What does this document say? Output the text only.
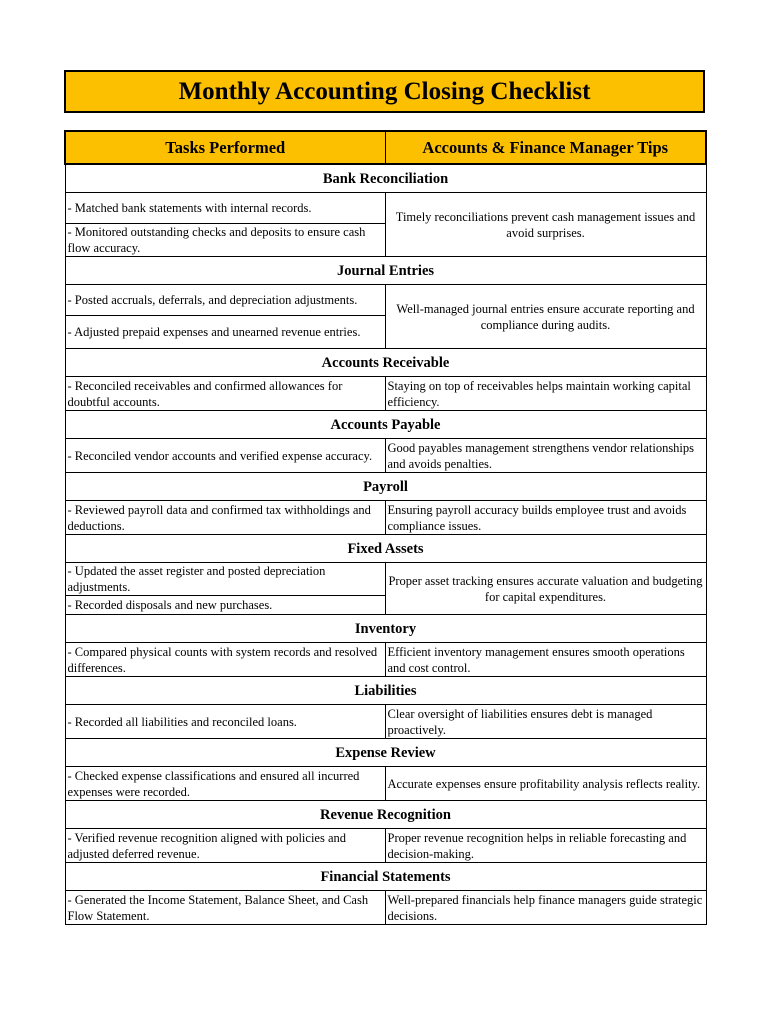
Monthly Accounting Closing Checklist
Tasks Performed	Accounts & Finance Manager Tips
Bank Reconciliation	
- Matched bank statements with internal records.	Timely reconciliations prevent cash management issues and avoid surprises.
- Monitored outstanding checks and deposits to ensure cash flow accuracy.	
Journal Entries	
- Posted accruals, deferrals, and depreciation adjustments.	Well-managed journal entries ensure accurate reporting and compliance during audits.
- Adjusted prepaid expenses and unearned revenue entries.	
Accounts Receivable	
- Reconciled receivables and confirmed allowances for doubtful accounts.	Staying on top of receivables helps maintain working capital efficiency.
Accounts Payable	
- Reconciled vendor accounts and verified expense accuracy.	Good payables management strengthens vendor relationships and avoids penalties.
Payroll	
- Reviewed payroll data and confirmed tax withholdings and deductions.	Ensuring payroll accuracy builds employee trust and avoids compliance issues.
Fixed Assets	
- Updated the asset register and posted depreciation adjustments.	Proper asset tracking ensures accurate valuation and budgeting for capital expenditures.
- Recorded disposals and new purchases.	
Inventory	
- Compared physical counts with system records and resolved differences.	Efficient inventory management ensures smooth operations and cost control.
Liabilities	
- Recorded all liabilities and reconciled loans.	Clear oversight of liabilities ensures debt is managed proactively.
Expense Review	
- Checked expense classifications and ensured all incurred expenses were recorded.	Accurate expenses ensure profitability analysis reflects reality.
Revenue Recognition	
- Verified revenue recognition aligned with policies and adjusted deferred revenue.	Proper revenue recognition helps in reliable forecasting and decision-making.
Financial Statements	
- Generated the Income Statement, Balance Sheet, and Cash Flow Statement.	Well-prepared financials help finance managers guide strategic decisions.
